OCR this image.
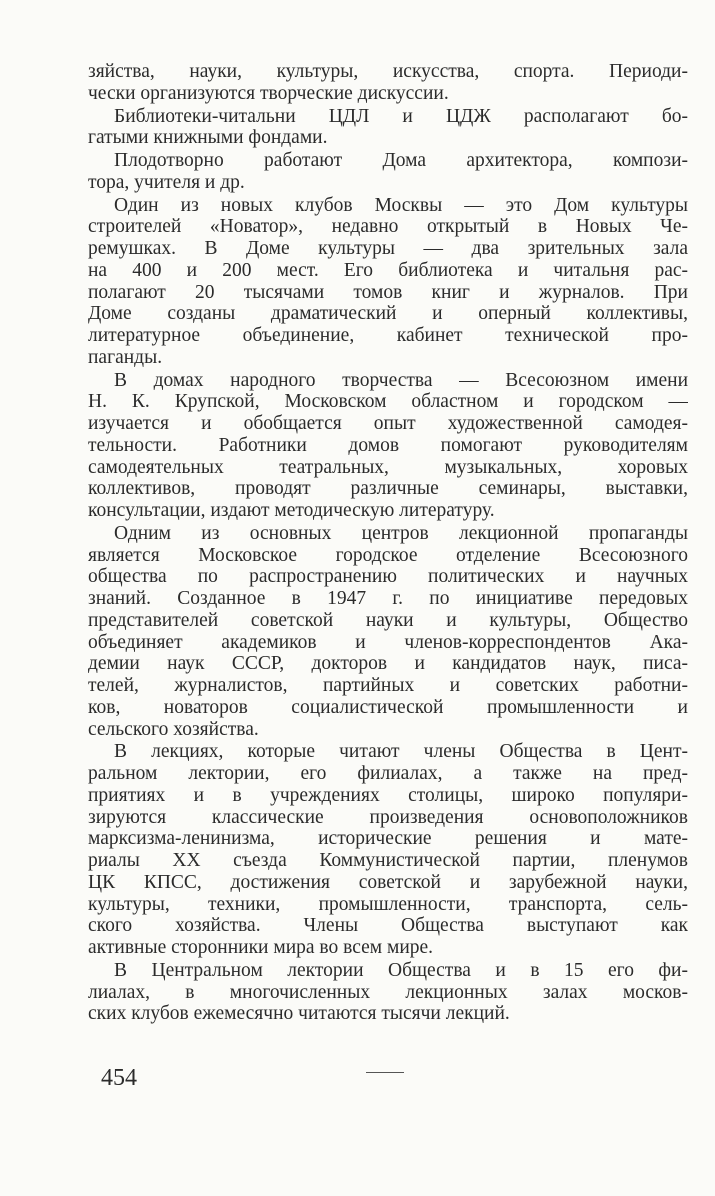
зяйства, науки, культуры, искусства, спорта. Периоди-
чески организуются творческие дискуссии.
Библиотеки-читальни ЦДЛ и ЦДЖ располагают бо-
гатыми книжными фондами.
Плодотворно работают Дома архитектора, компози-
тора, учителя и др.
Один из новых клубов Москвы — это Дом культуры
строителей «Новатор», недавно открытый в Новых Че-
ремушках. В Доме культуры — два зрительных зала
на 400 и 200 мест. Его библиотека и читальня рас-
полагают 20 тысячами томов книг и журналов. При
Доме созданы драматический и оперный коллективы,
литературное объединение, кабинет технической про-
паганды.
В домах народного творчества — Всесоюзном имени
Н. К. Крупской, Московском областном и городском —
изучается и обобщается опыт художественной самодея-
тельности. Работники домов помогают руководителям
самодеятельных театральных, музыкальных, хоровых
коллективов, проводят различные семинары, выставки,
консультации, издают методическую литературу.
Одним из основных центров лекционной пропаганды
является Московское городское отделение Всесоюзного
общества по распространению политических и научных
знаний. Созданное в 1947 г. по инициативе передовых
представителей советской науки и культуры, Общество
объединяет академиков и членов-корреспондентов Ака-
демии наук СССР, докторов и кандидатов наук, писа-
телей, журналистов, партийных и советских работни-
ков, новаторов социалистической промышленности и
сельского хозяйства.
В лекциях, которые читают члены Общества в Цент-
ральном лектории, его филиалах, а также на пред-
приятиях и в учреждениях столицы, широко популяри-
зируются классические произведения основоположников
марксизма-ленинизма, исторические решения и мате-
риалы XX съезда Коммунистической партии, пленумов
ЦК КПСС, достижения советской и зарубежной науки,
культуры, техники, промышленности, транспорта, сель-
ского хозяйства. Члены Общества выступают как
активные сторонники мира во всем мире.
В Центральном лектории Общества и в 15 его фи-
лиалах, в многочисленных лекционных залах москов-
ских клубов ежемесячно читаются тысячи лекций.
454
